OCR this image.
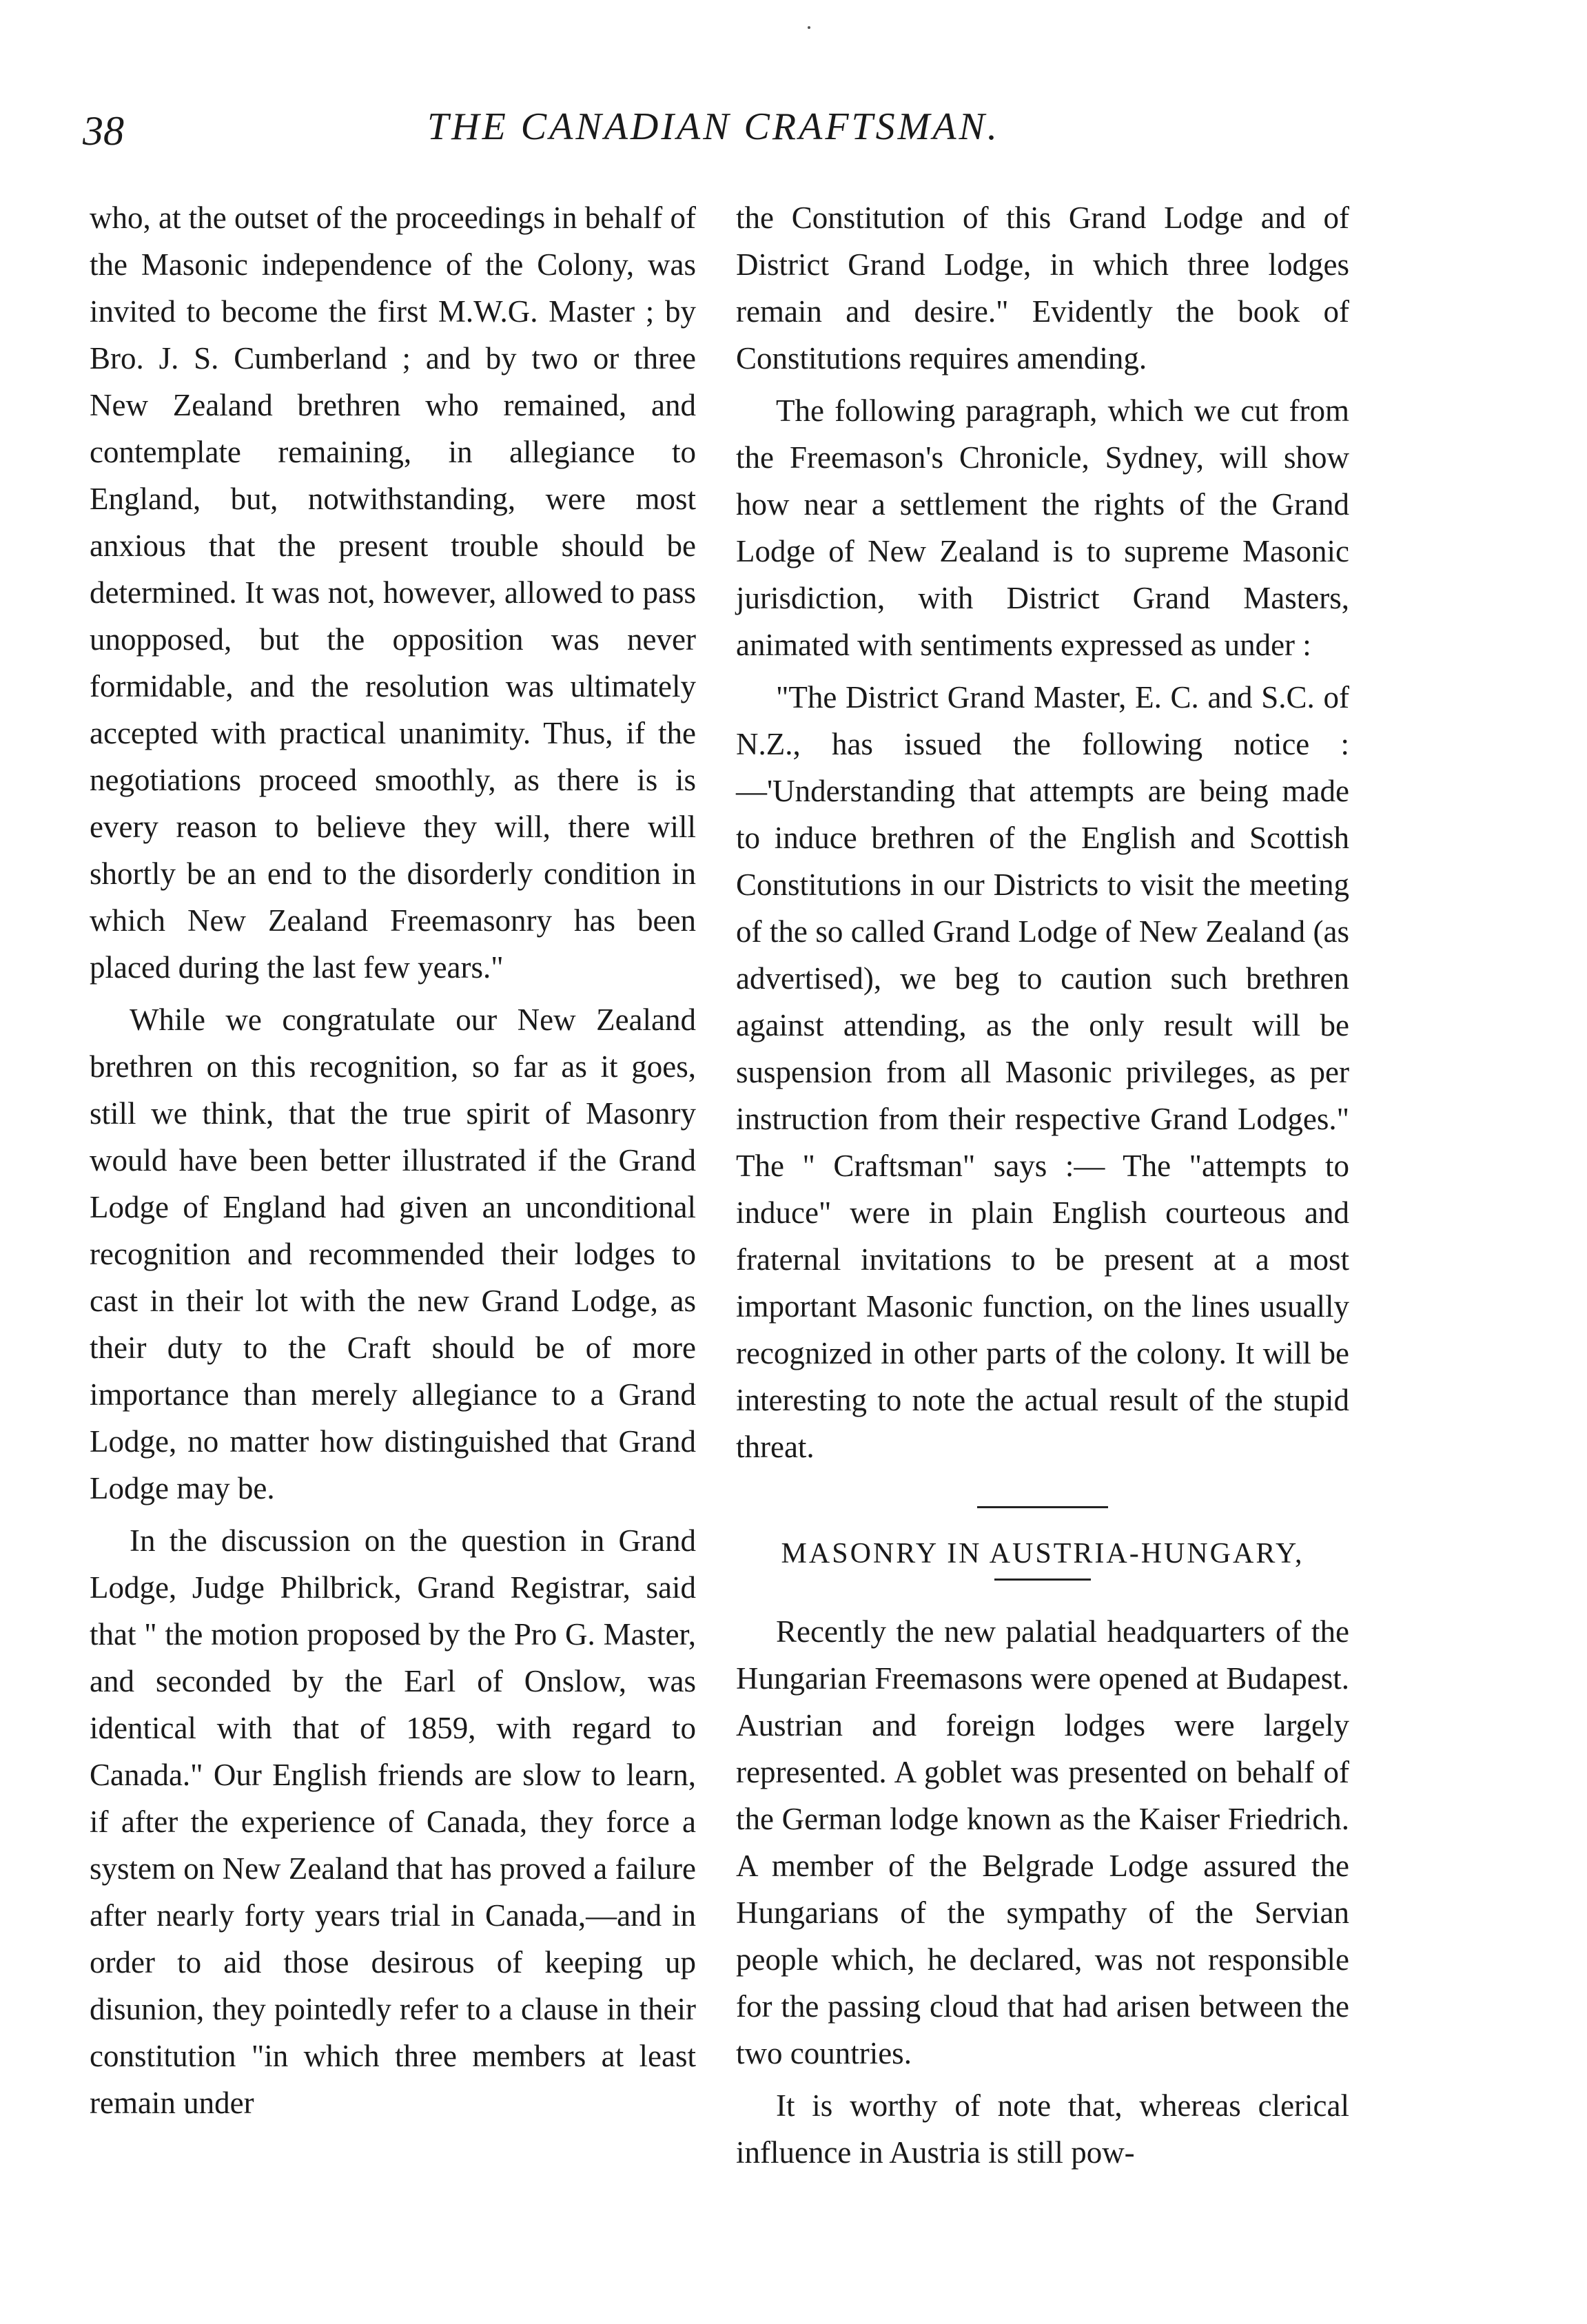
38	THE CANADIAN CRAFTSMAN.

who, at the outset of the proceedings in behalf of the Masonic independence of the Colony, was invited to become the first M.W.G. Master ; by Bro. J. S. Cumberland ; and by two or three New Zealand brethren who remained, and contemplate remaining, in allegiance to England, but, notwithstanding, were most anxious that the present trouble should be determined. It was not, however, allowed to pass unopposed, but the opposition was never formidable, and the resolution was ultimately accepted with practical unanimity. Thus, if the negotiations proceed smoothly, as there is is every reason to believe they will, there will shortly be an end to the disorderly condition in which New Zealand Freemasonry has been placed during the last few years."

While we congratulate our New Zealand brethren on this recognition, so far as it goes, still we think, that the true spirit of Masonry would have been better illustrated if the Grand Lodge of England had given an unconditional recognition and recommended their lodges to cast in their lot with the new Grand Lodge, as their duty to the Craft should be of more importance than merely allegiance to a Grand Lodge, no matter how distinguished that Grand Lodge may be.

In the discussion on the question in Grand Lodge, Judge Philbrick, Grand Registrar, said that " the motion proposed by the Pro G. Master, and seconded by the Earl of Onslow, was identical with that of 1859, with regard to Canada." Our English friends are slow to learn, if after the experience of Canada, they force a system on New Zealand that has proved a failure after nearly forty years trial in Canada,—and in order to aid those desirous of keeping up disunion, they pointedly refer to a clause in their constitution "in which three members at least remain under

the Constitution of this Grand Lodge and of District Grand Lodge, in which three lodges remain and desire." Evidently the book of Constitutions requires amending.

The following paragraph, which we cut from the Freemason's Chronicle, Sydney, will show how near a settlement the rights of the Grand Lodge of New Zealand is to supreme Masonic jurisdiction, with District Grand Masters, animated with sentiments expressed as under :

"The District Grand Master, E. C. and S.C. of N.Z., has issued the following notice :—'Understanding that attempts are being made to induce brethren of the English and Scottish Constitutions in our Districts to visit the meeting of the so called Grand Lodge of New Zealand (as advertised), we beg to caution such brethren against attending, as the only result will be suspension from all Masonic privileges, as per instruction from their respective Grand Lodges." The " Craftsman" says :— The "attempts to induce" were in plain English courteous and fraternal invitations to be present at a most important Masonic function, on the lines usually recognized in other parts of the colony. It will be interesting to note the actual result of the stupid threat.

MASONRY IN AUSTRIA-HUNGARY,

Recently the new palatial headquarters of the Hungarian Freemasons were opened at Budapest. Austrian and foreign lodges were largely represented. A goblet was presented on behalf of the German lodge known as the Kaiser Friedrich. A member of the Belgrade Lodge assured the Hungarians of the sympathy of the Servian people which, he declared, was not responsible for the passing cloud that had arisen between the two countries.

It is worthy of note that, whereas clerical influence in Austria is still pow-
